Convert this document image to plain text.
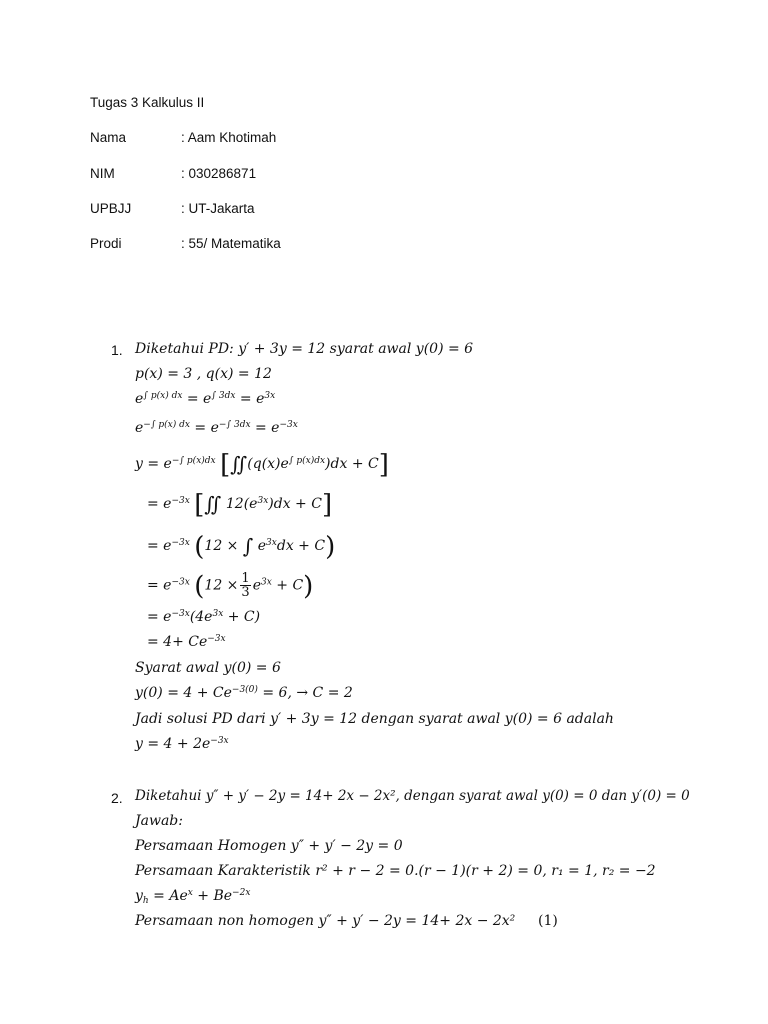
Tugas 3 Kalkulus II
Nama	: Aam Khotimah
NIM	: 030286871
UPBJJ	: UT-Jakarta
Prodi	: 55/ Matematika
1. Diketahui PD: y′ + 3y = 12 syarat awal y(0) = 6
p(x) = 3 , q(x) = 12
$e^{\int p(x) dx} = e^{\int 3dx} = e^{3x}$
$e^{-\int p(x) dx} = e^{-\int 3dx} = e^{-3x}$
$y = e^{-\int p(x)dx}$ $[∬(q(x)e^{\int p(x)dx})dx + C]$
= $e^{-3x}$ [∬ $12(e^{3x})dx + C$]
= $e^{-3x}$ (12 × ∫ $e^{3x}dx + C$)
= $e^{-3x}$ $(12 \times \frac{1}{3} e^{3x} + C)$
= $e^{-3x}(4e^{3x} + C)$
= $4+ Ce^{-3x}$
Syarat awal y(0) = 6
$y(0) = 4 + Ce^{-3(0)} = 6$, → C = 2
Jadi solusi PD dari y′ + 3y = 12 dengan syarat awal y(0) = 6 adalah
$y = 4 + 2e^{-3x}$
2. Diketahui y″ + y′ − 2y = 14+ 2x − 2x², dengan syarat awal y(0) = 0 dan y′(0) = 0
Jawab:
Persamaan Homogen y″ + y′ − 2y = 0
Persamaan Karakteristik r² + r − 2 = 0.(r − 1)(r + 2) = 0, r₁ = 1, r₂ = −2
$y_h = Ae^x + Be^{-2x}$
Persamaan non homogen y″ + y′ − 2y = 14+ 2x − 2x² (1)
